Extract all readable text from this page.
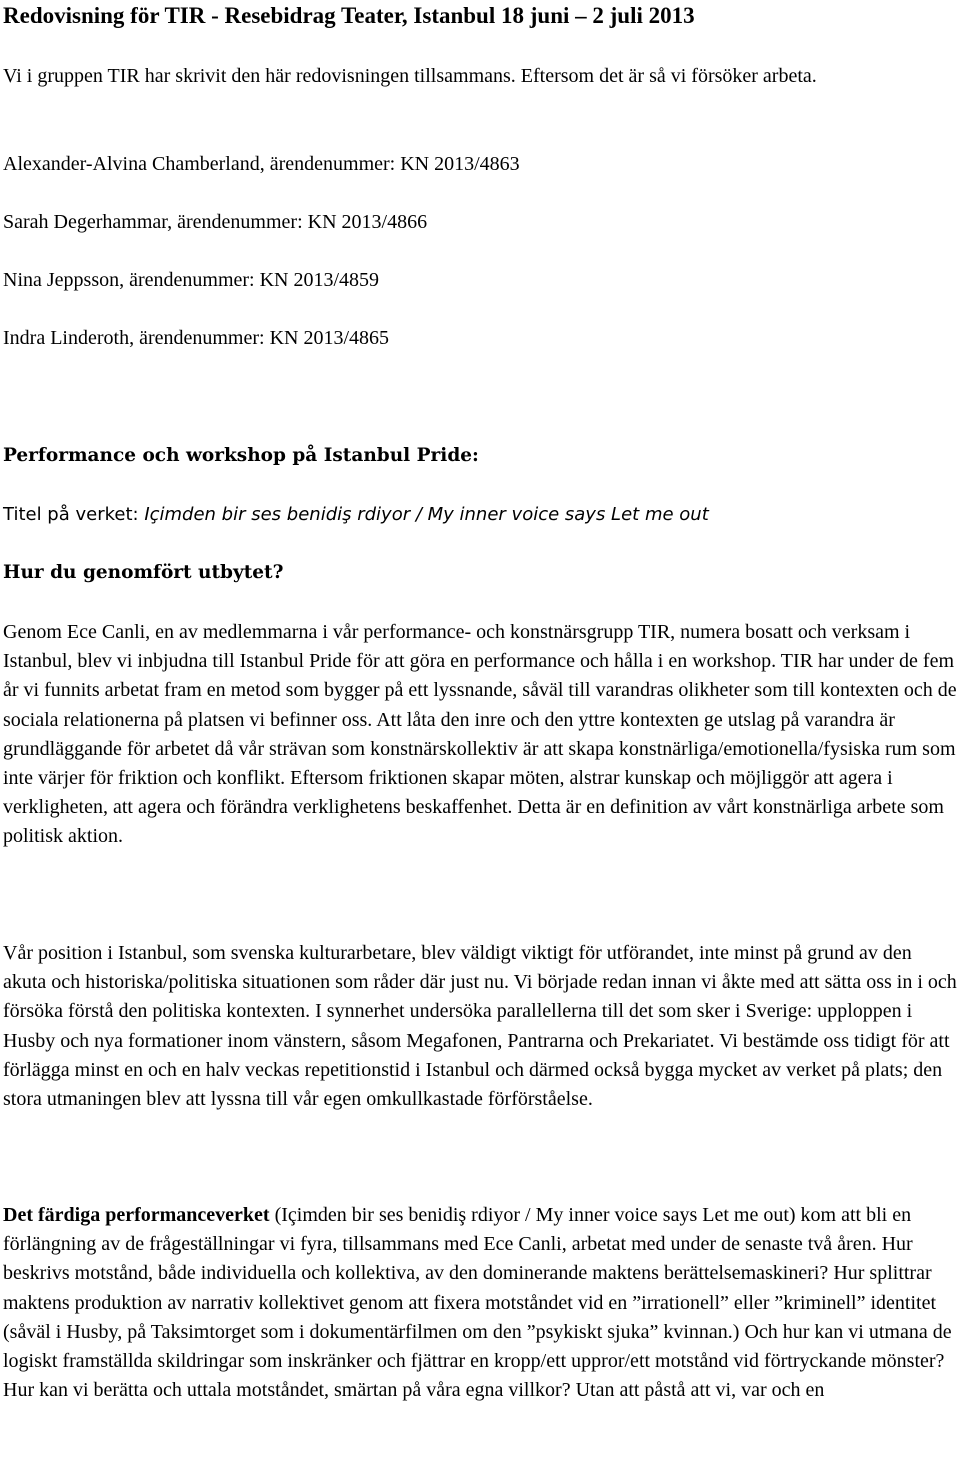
Redovisning för TIR - Resebidrag Teater, Istanbul 18 juni – 2 juli 2013
Vi i gruppen TIR har skrivit den här redovisningen tillsammans. Eftersom det är så vi försöker arbeta.
Alexander-Alvina Chamberland, ärendenummer: KN 2013/4863
Sarah Degerhammar, ärendenummer: KN 2013/4866
Nina Jeppsson, ärendenummer: KN 2013/4859
Indra Linderoth, ärendenummer: KN 2013/4865
Performance och workshop på Istanbul Pride:
Titel på verket: Içimden bir ses benidiş rdiyor / My inner voice says Let me out
Hur du genomfört utbytet?
Genom Ece Canli, en av medlemmarna i vår performance- och konstnärsgrupp TIR, numera bosatt och verksam i Istanbul, blev vi inbjudna till Istanbul Pride för att göra en performance och hålla i en workshop. TIR har under de fem år vi funnits arbetat fram en metod som bygger på ett lyssnande, såväl till varandras olikheter som till kontexten och de sociala relationerna på platsen vi befinner oss. Att låta den inre och den yttre kontexten ge utslag på varandra är grundläggande för arbetet då vår strävan som konstnärskollektiv är att skapa konstnärliga/emotionella/fysiska rum som inte värjer för friktion och konflikt. Eftersom friktionen skapar möten, alstrar kunskap och möjliggör att agera i verkligheten, att agera och förändra verklighetens beskaffenhet. Detta är en definition av vårt konstnärliga arbete som politisk aktion.
Vår position i Istanbul, som svenska kulturarbetare, blev väldigt viktigt för utförandet, inte minst på grund av den akuta och historiska/politiska situationen som råder där just nu. Vi började redan innan vi åkte med att sätta oss in i och försöka förstå den politiska kontexten. I synnerhet undersöka parallellerna till det som sker i Sverige: upploppen i Husby och nya formationer inom vänstern, såsom Megafonen, Pantrarna och Prekariatet. Vi bestämde oss tidigt för att förlägga minst en och en halv veckas repetitionstid i Istanbul och därmed också bygga mycket av verket på plats; den stora utmaningen blev att lyssna till vår egen omkullkastade förförståelse.
Det färdiga performanceverket (Içimden bir ses benidiş rdiyor / My inner voice says Let me out) kom att bli en förlängning av de frågeställningar vi fyra, tillsammans med Ece Canli, arbetat med under de senaste två åren. Hur beskrivs motstånd, både individuella och kollektiva, av den dominerande maktens berättelsemaskineri? Hur splittrar maktens produktion av narrativ kollektivet genom att fixera motståndet vid en ”irrationell” eller ”kriminell” identitet (såväl i Husby, på Taksimtorget som i dokumentärfilmen om den ”psykiskt sjuka” kvinnan.) Och hur kan vi utmana de logiskt framställda skildringar som inskränker och fjättrar en kropp/ett uppror/ett motstånd vid förtryckande mönster? Hur kan vi berätta och uttala motståndet, smärtan på våra egna villkor? Utan att påstå att vi, var och en
